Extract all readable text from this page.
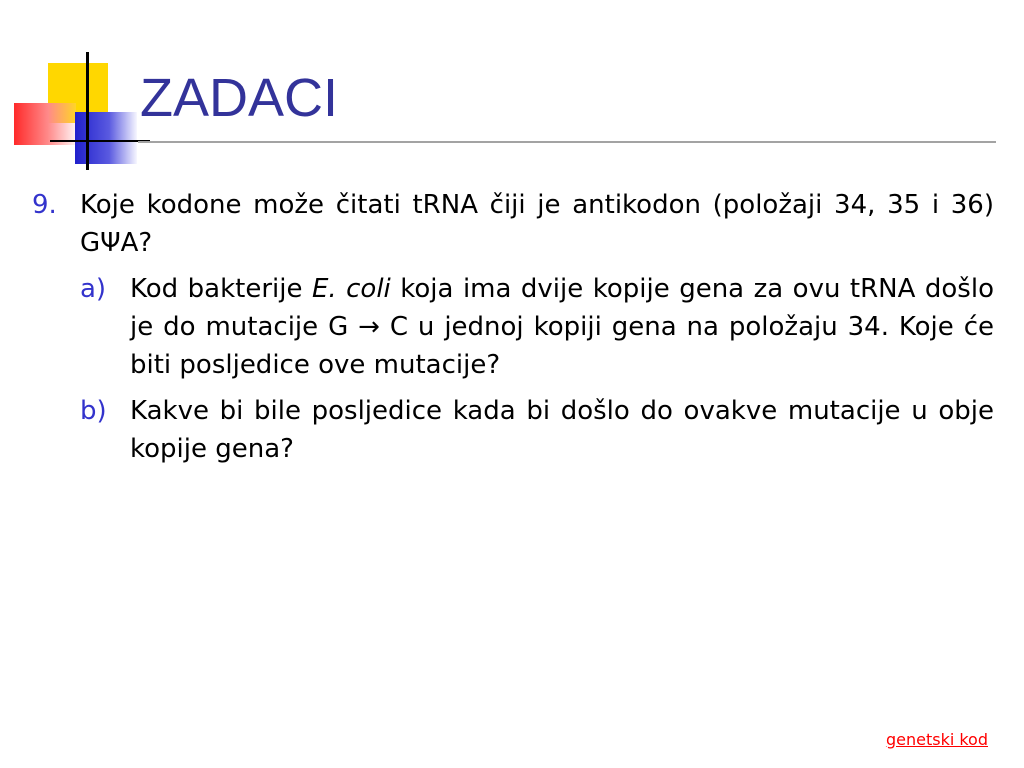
ZADACI
9. Koje kodone može čitati tRNA čiji je antikodon (položaji 34, 35 i 36) GΨA?
a) Kod bakterije E. coli koja ima dvije kopije gena za ovu tRNA došlo je do mutacije G → C u jednoj kopiji gena na položaju 34. Koje će biti posljedice ove mutacije?
b) Kakve bi bile posljedice kada bi došlo do ovakve mutacije u obje kopije gena?
genetski kod
